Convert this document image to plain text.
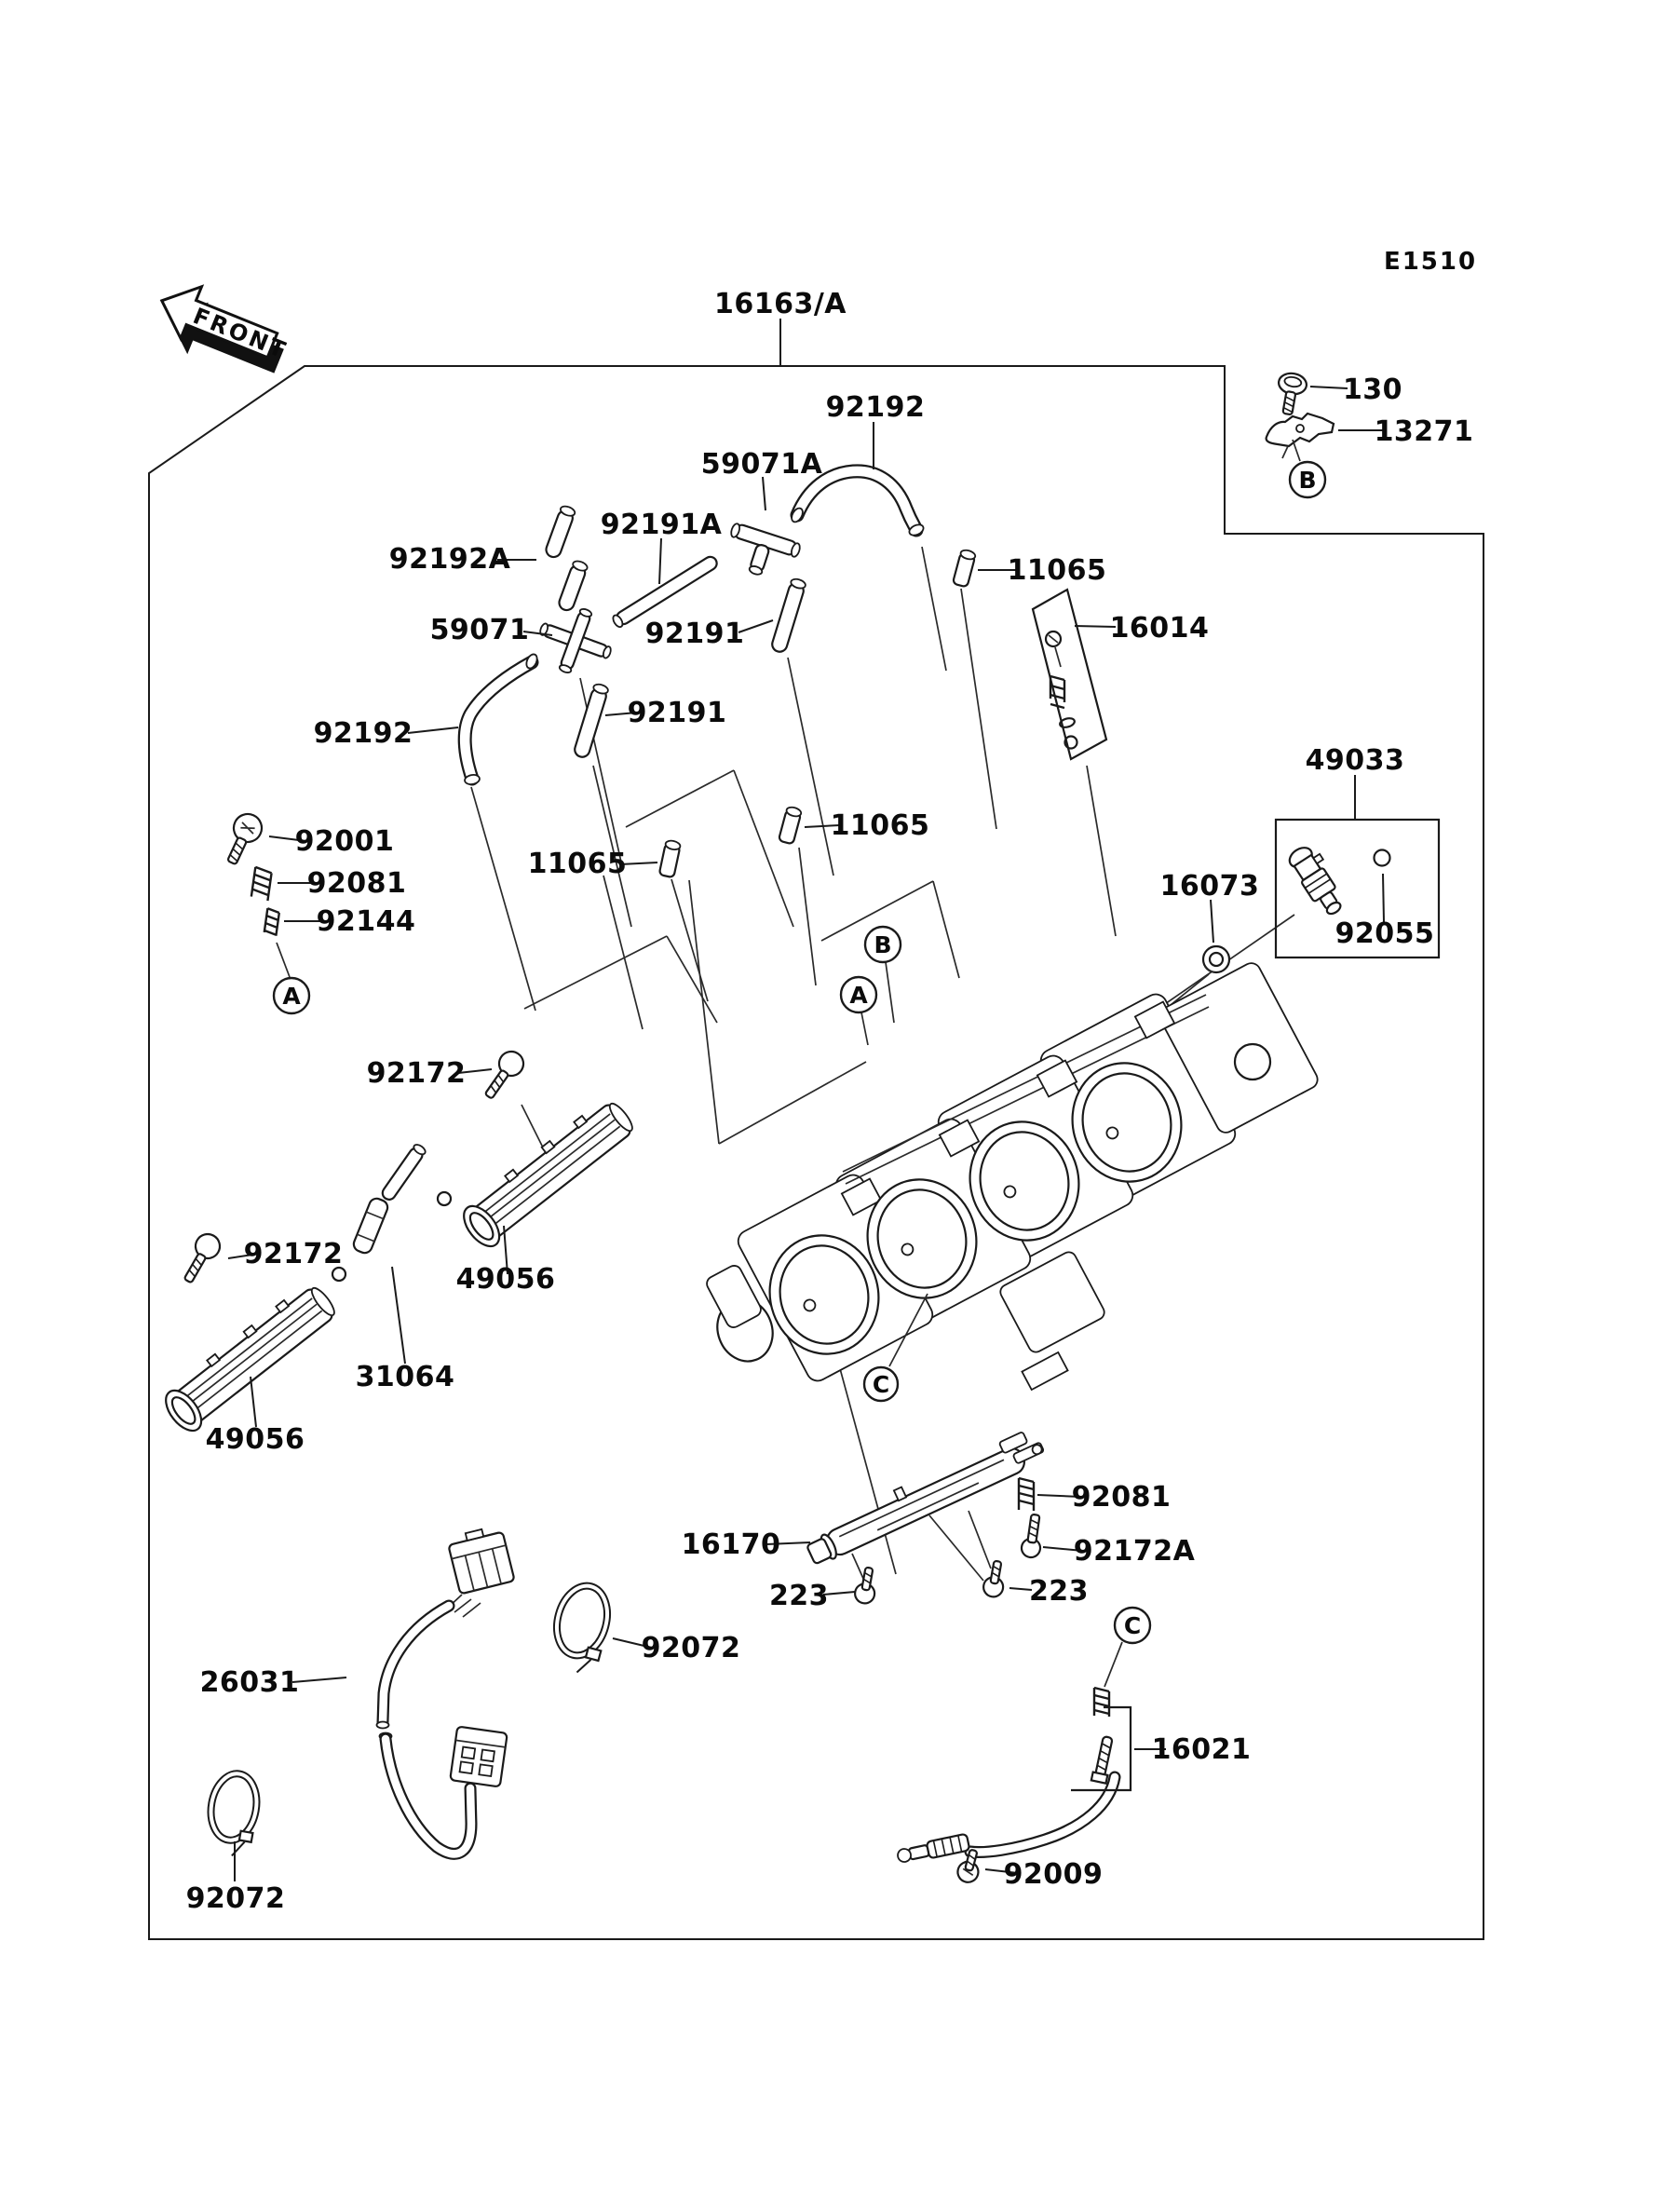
E1510
FRONT
A
B
B
A
C
C
16163/A
92192
59071A
92191A
92192A
59071	92191
92191
92192
11065
16014
92001
92081
92144
11065
11065
49033
16073
92055
92172
92172
49056
31064
49056
16170
92081
92172A
223	223
26031
92072
92072
16021
92009
130
13271
